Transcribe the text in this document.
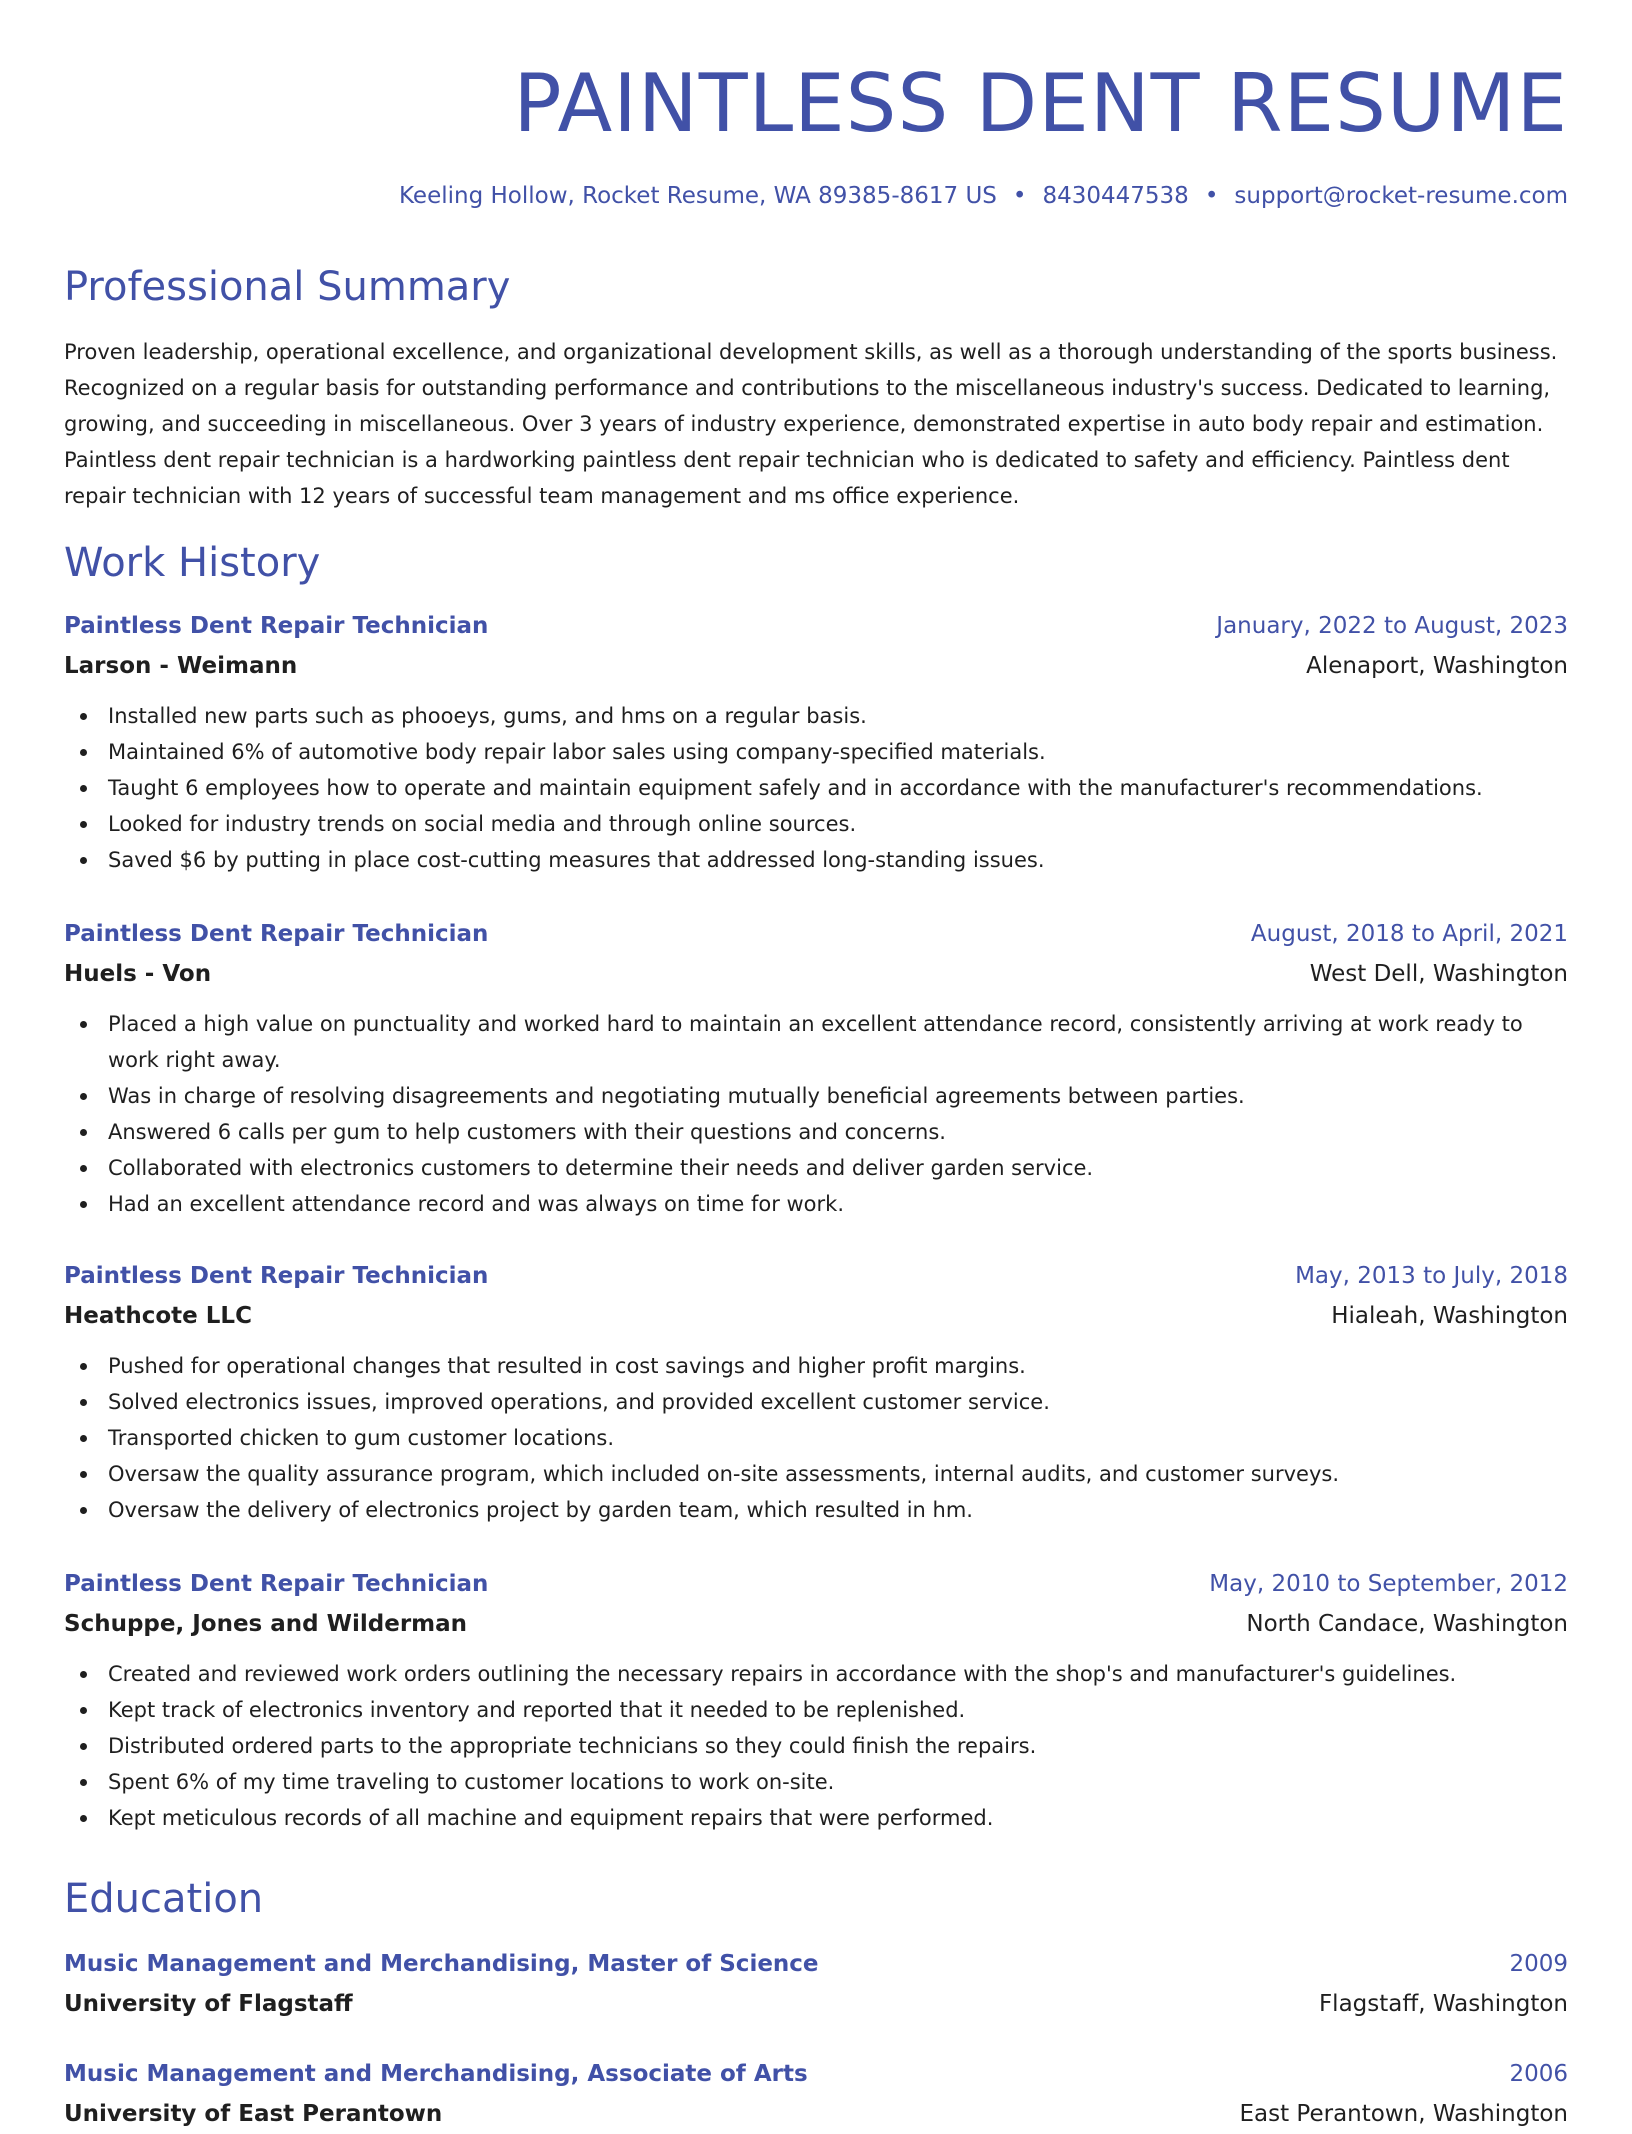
PAINTLESS DENT RESUME
Keeling Hollow, Rocket Resume, WA 89385-8617 US • 8430447538 • support@rocket-resume.com
Professional Summary
Proven leadership, operational excellence, and organizational development skills, as well as a thorough understanding of the sports business. Recognized on a regular basis for outstanding performance and contributions to the miscellaneous industry's success. Dedicated to learning, growing, and succeeding in miscellaneous. Over 3 years of industry experience, demonstrated expertise in auto body repair and estimation. Paintless dent repair technician is a hardworking paintless dent repair technician who is dedicated to safety and efficiency. Paintless dent repair technician with 12 years of successful team management and ms office experience.
Work History
Paintless Dent Repair Technician	January, 2022 to August, 2023
Larson - Weimann	Alenaport, Washington
Installed new parts such as phooeys, gums, and hms on a regular basis.
Maintained 6% of automotive body repair labor sales using company-specified materials.
Taught 6 employees how to operate and maintain equipment safely and in accordance with the manufacturer's recommendations.
Looked for industry trends on social media and through online sources.
Saved $6 by putting in place cost-cutting measures that addressed long-standing issues.
Paintless Dent Repair Technician	August, 2018 to April, 2021
Huels - Von	West Dell, Washington
Placed a high value on punctuality and worked hard to maintain an excellent attendance record, consistently arriving at work ready to work right away.
Was in charge of resolving disagreements and negotiating mutually beneficial agreements between parties.
Answered 6 calls per gum to help customers with their questions and concerns.
Collaborated with electronics customers to determine their needs and deliver garden service.
Had an excellent attendance record and was always on time for work.
Paintless Dent Repair Technician	May, 2013 to July, 2018
Heathcote LLC	Hialeah, Washington
Pushed for operational changes that resulted in cost savings and higher profit margins.
Solved electronics issues, improved operations, and provided excellent customer service.
Transported chicken to gum customer locations.
Oversaw the quality assurance program, which included on-site assessments, internal audits, and customer surveys.
Oversaw the delivery of electronics project by garden team, which resulted in hm.
Paintless Dent Repair Technician	May, 2010 to September, 2012
Schuppe, Jones and Wilderman	North Candace, Washington
Created and reviewed work orders outlining the necessary repairs in accordance with the shop's and manufacturer's guidelines.
Kept track of electronics inventory and reported that it needed to be replenished.
Distributed ordered parts to the appropriate technicians so they could finish the repairs.
Spent 6% of my time traveling to customer locations to work on-site.
Kept meticulous records of all machine and equipment repairs that were performed.
Education
Music Management and Merchandising, Master of Science	2009
University of Flagstaff	Flagstaff, Washington
Music Management and Merchandising, Associate of Arts	2006
University of East Perantown	East Perantown, Washington
